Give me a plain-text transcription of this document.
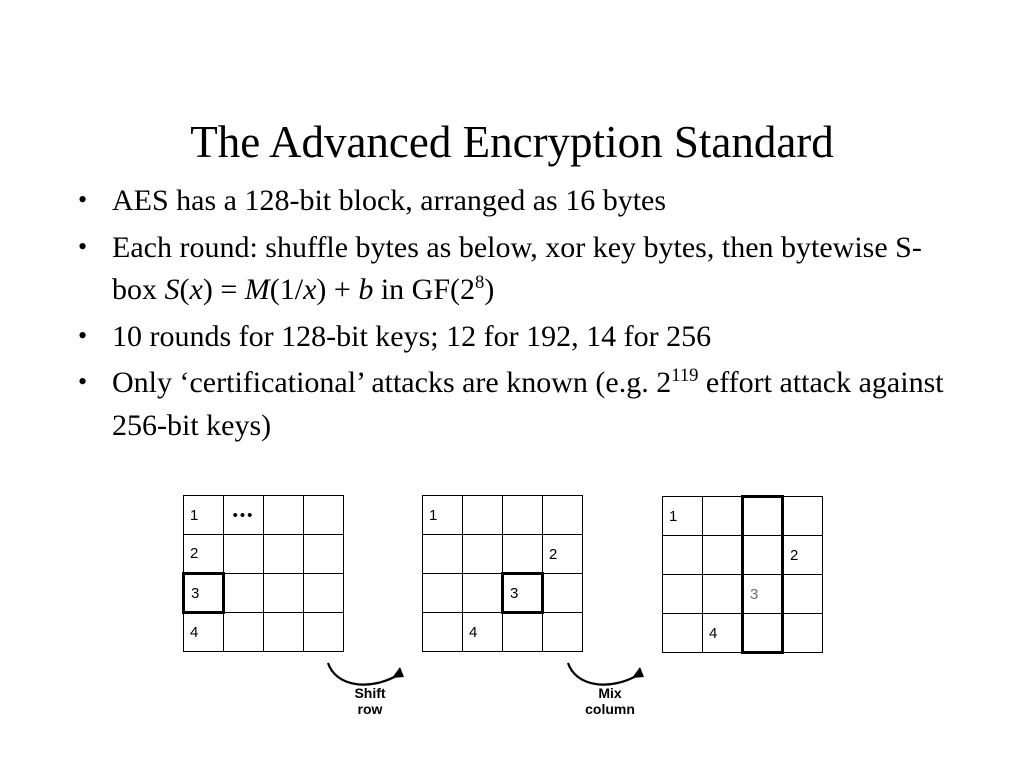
The Advanced Encryption Standard
• AES has a 128-bit block, arranged as 16 bytes
• Each round: shuffle bytes as below, xor key bytes, then bytewise S-box S(x) = M(1/x) + b in $GF(2^8)$
• 10 rounds for 128-bit keys; 12 for 192, 14 for 256
• Only ‘certificational’ attacks are known (e.g. $2^{119}$ effort attack against 256-bit keys)
1	•••		
2			
3			
4			
1			
			2
		3	
	4		
1			
			2
		3	
	4		
Shift
row
Mix
column
